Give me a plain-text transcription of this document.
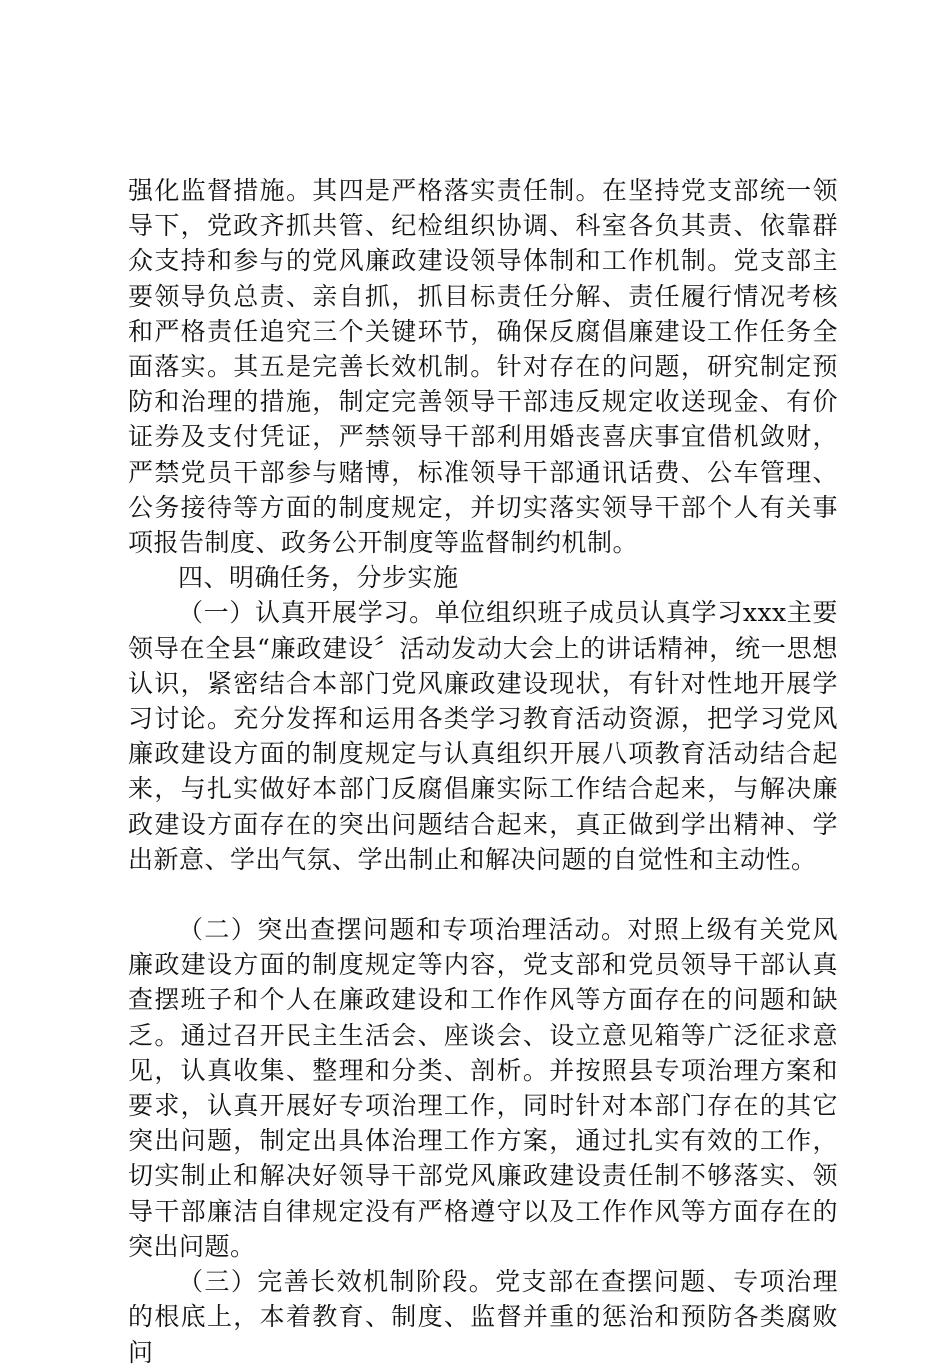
强化监督措施。其四是严格落实责任制。在坚持党支部统一领导下，党政齐抓共管、纪检组织协调、科室各负其责、依靠群众支持和参与的党风廉政建设领导体制和工作机制。党支部主要领导负总责、亲自抓，抓目标责任分解、责任履行情况考核和严格责任追究三个关键环节，确保反腐倡廉建设工作任务全面落实。其五是完善长效机制。针对存在的问题，研究制定预防和治理的措施，制定完善领导干部违反规定收送现金、有价证券及支付凭证，严禁领导干部利用婚丧喜庆事宜借机敛财，严禁党员干部参与赌博，标准领导干部通讯话费、公车管理、公务接待等方面的制度规定，并切实落实领导干部个人有关事项报告制度、政务公开制度等监督制约机制。

四、明确任务，分步实施

（一）认真开展学习。单位组织班子成员认真学习xxx主要领导在全县“廉政建设〞活动发动大会上的讲话精神，统一思想认识，紧密结合本部门党风廉政建设现状，有针对性地开展学习讨论。充分发挥和运用各类学习教育活动资源，把学习党风廉政建设方面的制度规定与认真组织开展八项教育活动结合起来，与扎实做好本部门反腐倡廉实际工作结合起来，与解决廉政建设方面存在的突出问题结合起来，真正做到学出精神、学出新意、学出气氛、学出制止和解决问题的自觉性和主动性。

（二）突出查摆问题和专项治理活动。对照上级有关党风廉政建设方面的制度规定等内容，党支部和党员领导干部认真查摆班子和个人在廉政建设和工作作风等方面存在的问题和缺乏。通过召开民主生活会、座谈会、设立意见箱等广泛征求意见，认真收集、整理和分类、剖析。并按照县专项治理方案和要求，认真开展好专项治理工作，同时针对本部门存在的其它突出问题，制定出具体治理工作方案，通过扎实有效的工作，切实制止和解决好领导干部党风廉政建设责任制不够落实、领导干部廉洁自律规定没有严格遵守以及工作作风等方面存在的突出问题。

（三）完善长效机制阶段。党支部在查摆问题、专项治理的根底上，本着教育、制度、监督并重的惩治和预防各类腐败问
